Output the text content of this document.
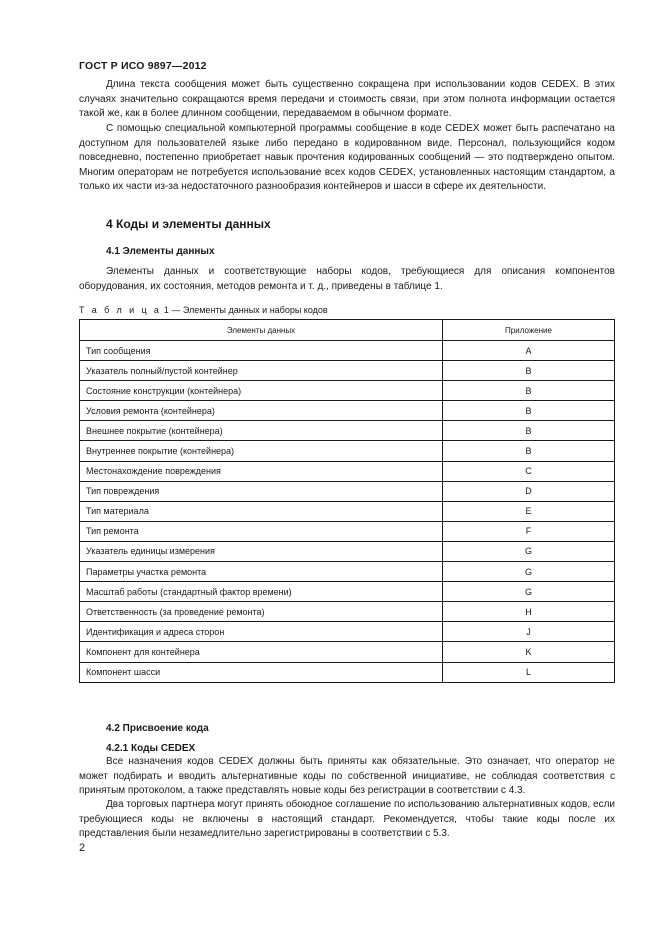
ГОСТ Р ИСО 9897—2012

Длина текста сообщения может быть существенно сокращена при использовании кодов CEDEX. В этих случаях значительно сокращаются время передачи и стоимость связи, при этом полнота информации остается такой же, как в более длинном сообщении, передаваемом в обычном формате.

С помощью специальной компьютерной программы сообщение в коде CEDEX может быть распечатано на доступном для пользователей языке либо передано в кодированном виде. Персонал, пользующийся кодом повседневно, постепенно приобретает навык прочтения кодированных сообщений — это подтверждено опытом. Многим операторам не потребуется использование всех кодов CEDEX, установленных настоящим стандартом, а только их части из-за недостаточного разнообразия контейнеров и шасси в сфере их деятельности.

4 Коды и элементы данных
4.1 Элементы данных

Элементы данных и соответствующие наборы кодов, требующиеся для описания компонентов оборудования, их состояния, методов ремонта и т. д., приведены в таблице 1.

Т а б л и ц а 1 — Элементы данных и наборы кодов
Элементы данных	Приложение
Тип сообщения	A
Указатель полный/пустой контейнер	B
Состояние конструкции (контейнера)	B
Условия ремонта (контейнера)	B
Внешнее покрытие (контейнера)	B
Внутреннее покрытие (контейнера)	B
Местонахождение повреждения	C
Тип повреждения	D
Тип материала	E
Тип ремонта	F
Указатель единицы измерения	G
Параметры участка ремонта	G
Масштаб работы (стандартный фактор времени)	G
Ответственность (за проведение ремонта)	H
Идентификация и адреса сторон	J
Компонент для контейнера	K
Компонент шасси	L
4.2 Присвоение кода
4.2.1 Коды CEDEX

Все назначения кодов CEDEX должны быть приняты как обязательные. Это означает, что оператор не может подбирать и вводить альтернативные коды по собственной инициативе, не соблюдая соответствия с принятым протоколом, а также представлять новые коды без регистрации в соответствии с 4.3.

Два торговых партнера могут принять обоюдное соглашение по использованию альтернативных кодов, если требующиеся коды не включены в настоящий стандарт. Рекомендуется, чтобы такие коды после их представления были незамедлительно зарегистрированы в соответствии с 5.3.

2
